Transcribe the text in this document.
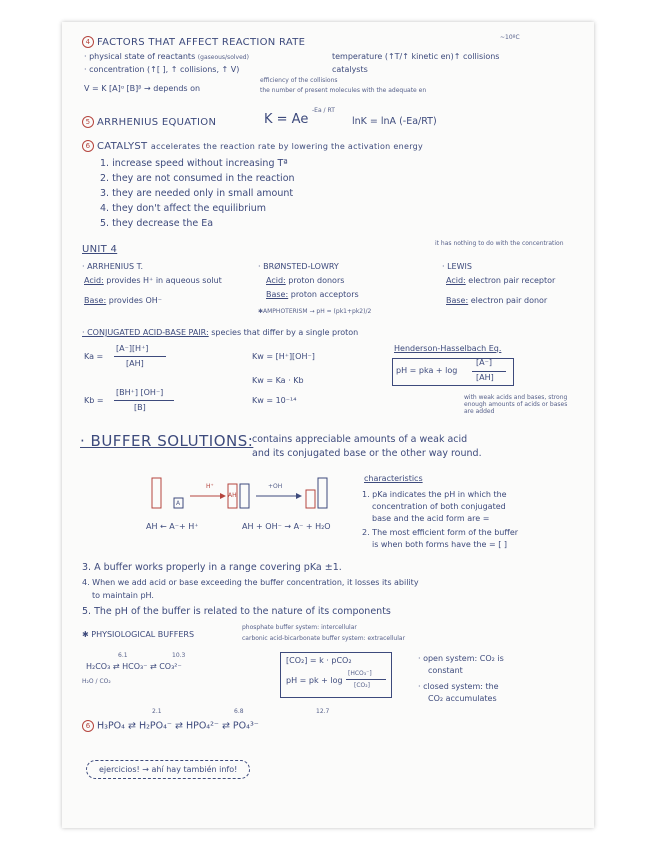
4 FACTORS THAT AFFECT REACTION RATE	~10ºC
· physical state of reactants (gaseous/solved)
· concentration (↑[ ], ↑ collisions, ↑ V)
temperature (↑T/↑ kinetic en)↑ collisions
catalysts
V = K [A]ᵅ [B]ᵝ → depends on
efficiency of the collisions
the number of present molecules with the adequate en
5 ARRHENIUS EQUATION	K = Ae
-Ea / RT
lnK = lnA (-Ea/RT)
6 CATALYST accelerates the reaction rate by lowering the activation energy
1. increase speed without increasing Tª
2. they are not consumed in the reaction
3. they are needed only in small amount
4. they don't affect the equilibrium
5. they decrease the Ea
UNIT 4
it has nothing to do with the concentration
· ARRHENIUS T.
Acid: provides H⁺ in aqueous solut
Base: provides OH⁻
· BRØNSTED-LOWRY
Acid: proton donors
Base: proton acceptors
✱AMPHOTERISM → pH = (pk1+pk2)/2
· LEWIS
Acid: electron pair receptor
Base: electron pair donor
· CONJUGATED ACID-BASE PAIR: species that differ by a single proton
Ka =
[A⁻][H⁺]
[AH]
Kb =
[BH⁺] [OH⁻]
[B]
Kw = [H⁺][OH⁻]
Kw = Ka · Kb
Kw = 10⁻¹⁴
Henderson-Hasselbach Eq.
pH = pka + log
[A⁻]
[AH]
with weak acids and bases, strong enough amounts of acids or bases are added
· BUFFER SOLUTIONS:
contains appreciable amounts of a weak acid
and its conjugated base or the other way round.
H⁺	+OH
A
AH
AH ← A⁻+ H⁺	AH + OH⁻ → A⁻ + H₂O
characteristics
1. pKa indicates the pH in which the
concentration of both conjugated
base and the acid form are =
2. The most efficient form of the buffer
is when both forms have the = [ ]
3. A buffer works properly in a range covering pKa ±1.
4. When we add acid or base exceeding the buffer concentration, it losses its ability
to maintain pH.
5. The pH of the buffer is related to the nature of its components
✱ PHYSIOLOGICAL BUFFERS
phosphate buffer system: intercellular
carbonic acid-bicarbonate buffer system: extracellular
6.1	10.3
H₂CO₃ ⇄ HCO₃⁻ ⇄ CO₃²⁻
H₂O / CO₂
[CO₂] = k · pCO₂
pH = pk + log
[HCO₃⁻]
[CO₂]
· open system: CO₂ is
constant
· closed system: the
CO₂ accumulates
2.1	6.8	12.7
6 H₃PO₄ ⇄ H₂PO₄⁻ ⇄ HPO₄²⁻ ⇄ PO₄³⁻
ejercicios! → ahí hay también info!
